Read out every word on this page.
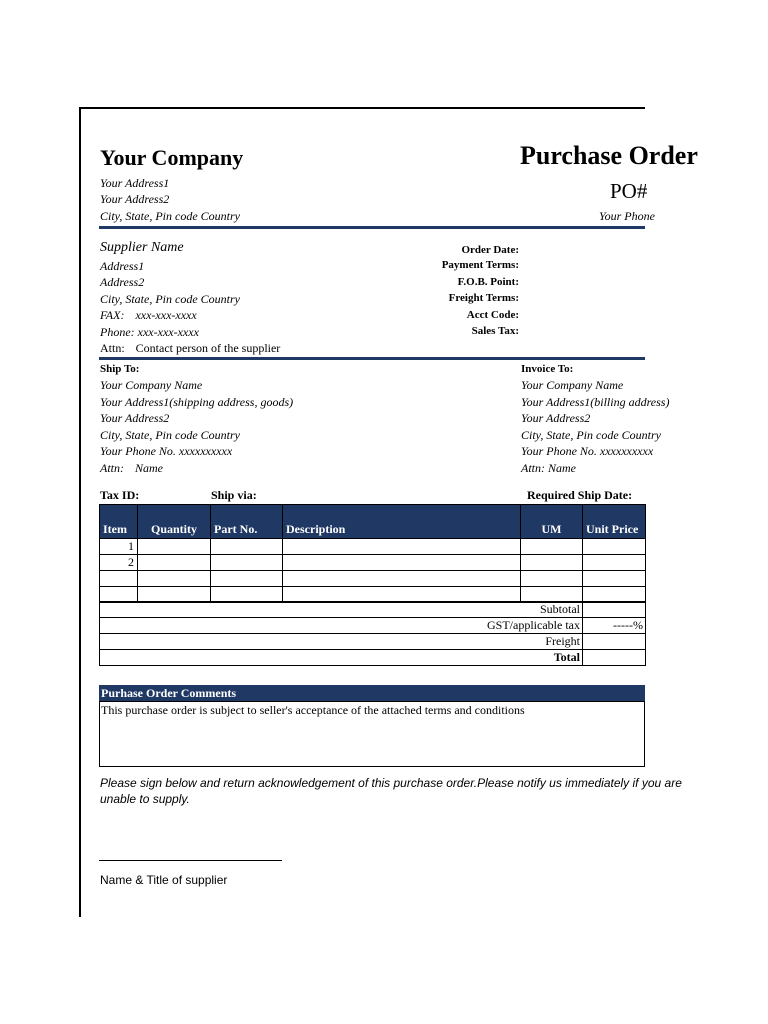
Your Company
Your Address1
Your Address2
City, State, Pin code Country
Purchase Order
PO#
Your Phone
Supplier Name
Address1
Address2
City, State, Pin code Country
FAX: xxx-xxx-xxxx
Phone: xxx-xxx-xxxx
Attn: Contact person of the supplier
Order Date:
Payment Terms:
F.O.B. Point:
Freight Terms:
Acct Code:
Sales Tax:
Ship To:
Your Company Name
Your Address1(shipping address, goods)
Your Address2
City, State, Pin code Country
Your Phone No. xxxxxxxxxx
Attn: Name
Invoice To:
Your Company Name
Your Address1(billing address)
Your Address2
City, State, Pin code Country
Your Phone No. xxxxxxxxxx
Attn: Name
Tax ID:	Ship via:	Required Ship Date:
Item	Quantity	Part No.	Description	UM	Unit Price
1					
2					

Subtotal	
GST/applicable tax	-----%
Freight	
Total	
Purhase Order Comments
This purchase order is subject to seller's acceptance of the attached terms and conditions
Please sign below and return acknowledgement of this purchase order.Please notify us immediately if you are
unable to supply.
Name & Title of supplier
